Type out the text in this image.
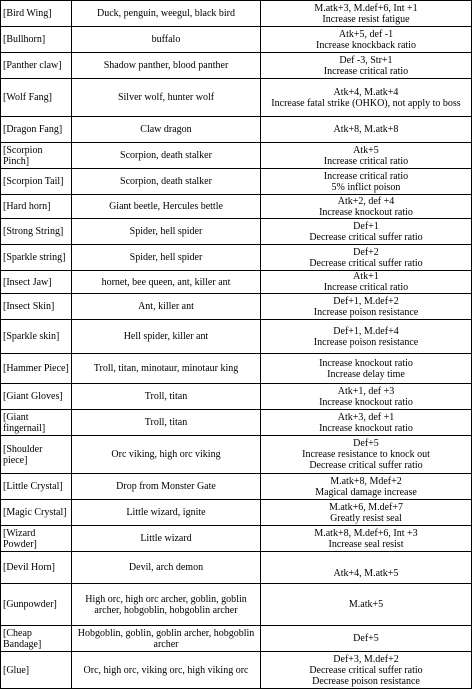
[Bird Wing]	Duck, penguin, weegul, black bird	M.atk+3, M.def+6, Int +1
Increase resist fatigue

[Bullhorn]	buffalo	Atk+5, def -1
Increase knockback ratio

[Panther claw]	Shadow panther, blood panther	Def -3, Str+1
Increase critical ratio

[Wolf Fang]	Silver wolf, hunter wolf	Atk+4, M.atk+4
Increase fatal strike (OHKO), not apply to boss

[Dragon Fang]	Claw dragon	Atk+8, M.atk+8

[Scorpion Pinch]	Scorpion, death stalker	Atk+5
Increase critical ratio

[Scorpion Tail]	Scorpion, death stalker	Increase critical ratio
5% inflict poison

[Hard horn]	Giant beetle, Hercules bettle	Atk+2, def +4
Increase knockout ratio

[Strong String]	Spider, hell spider	Def+1
Decrease critical suffer ratio

[Sparkle string]	Spider, hell spider	Def+2
Decrease critical suffer ratio

[Insect Jaw]	hornet, bee queen, ant, killer ant	Atk+1
Increase critical ratio

[Insect Skin]	Ant, killer ant	Def+1, M.def+2
Increase poison resistance

[Sparkle skin]	Hell spider, killer ant	Def+1, M.def+4
Increase poison resistance

[Hammer Piece]	Troll, titan, minotaur, minotaur king	Increase knockout ratio
Increase delay time

[Giant Gloves]	Troll, titan	Atk+1, def +3
Increase knockout ratio

[Giant fingernail]	Troll, titan	Atk+3, def +1
Increase knockout ratio

[Shoulder piece]	Orc viking, high orc viking	Def+5
Increase resistance to knock out
Decrease critical suffer ratio

[Little Crystal]	Drop from Monster Gate	M.atk+8, Mdef+2
Magical damage increase

[Magic Crystal]	Little wizard, ignite	M.atk+6, M.def+7
Greatly resist seal

[Wizard Powder]	Little wizard	M.atk+8, M.def+6, Int +3
Increase seal resist

[Devil Horn]	Devil, arch demon	Atk+4, M.atk+5

[Gunpowder]	High orc, high orc archer, goblin, goblin archer, hobgoblin, hobgoblin archer	M.atk+5

[Cheap Bandage]	Hobgoblin, goblin, goblin archer, hobgoblin archer	Def+5

[Glue]	Orc, high orc, viking orc, high viking orc	Def+3, M.def+2
Decrease critical suffer ratio
Decrease poison resistance
